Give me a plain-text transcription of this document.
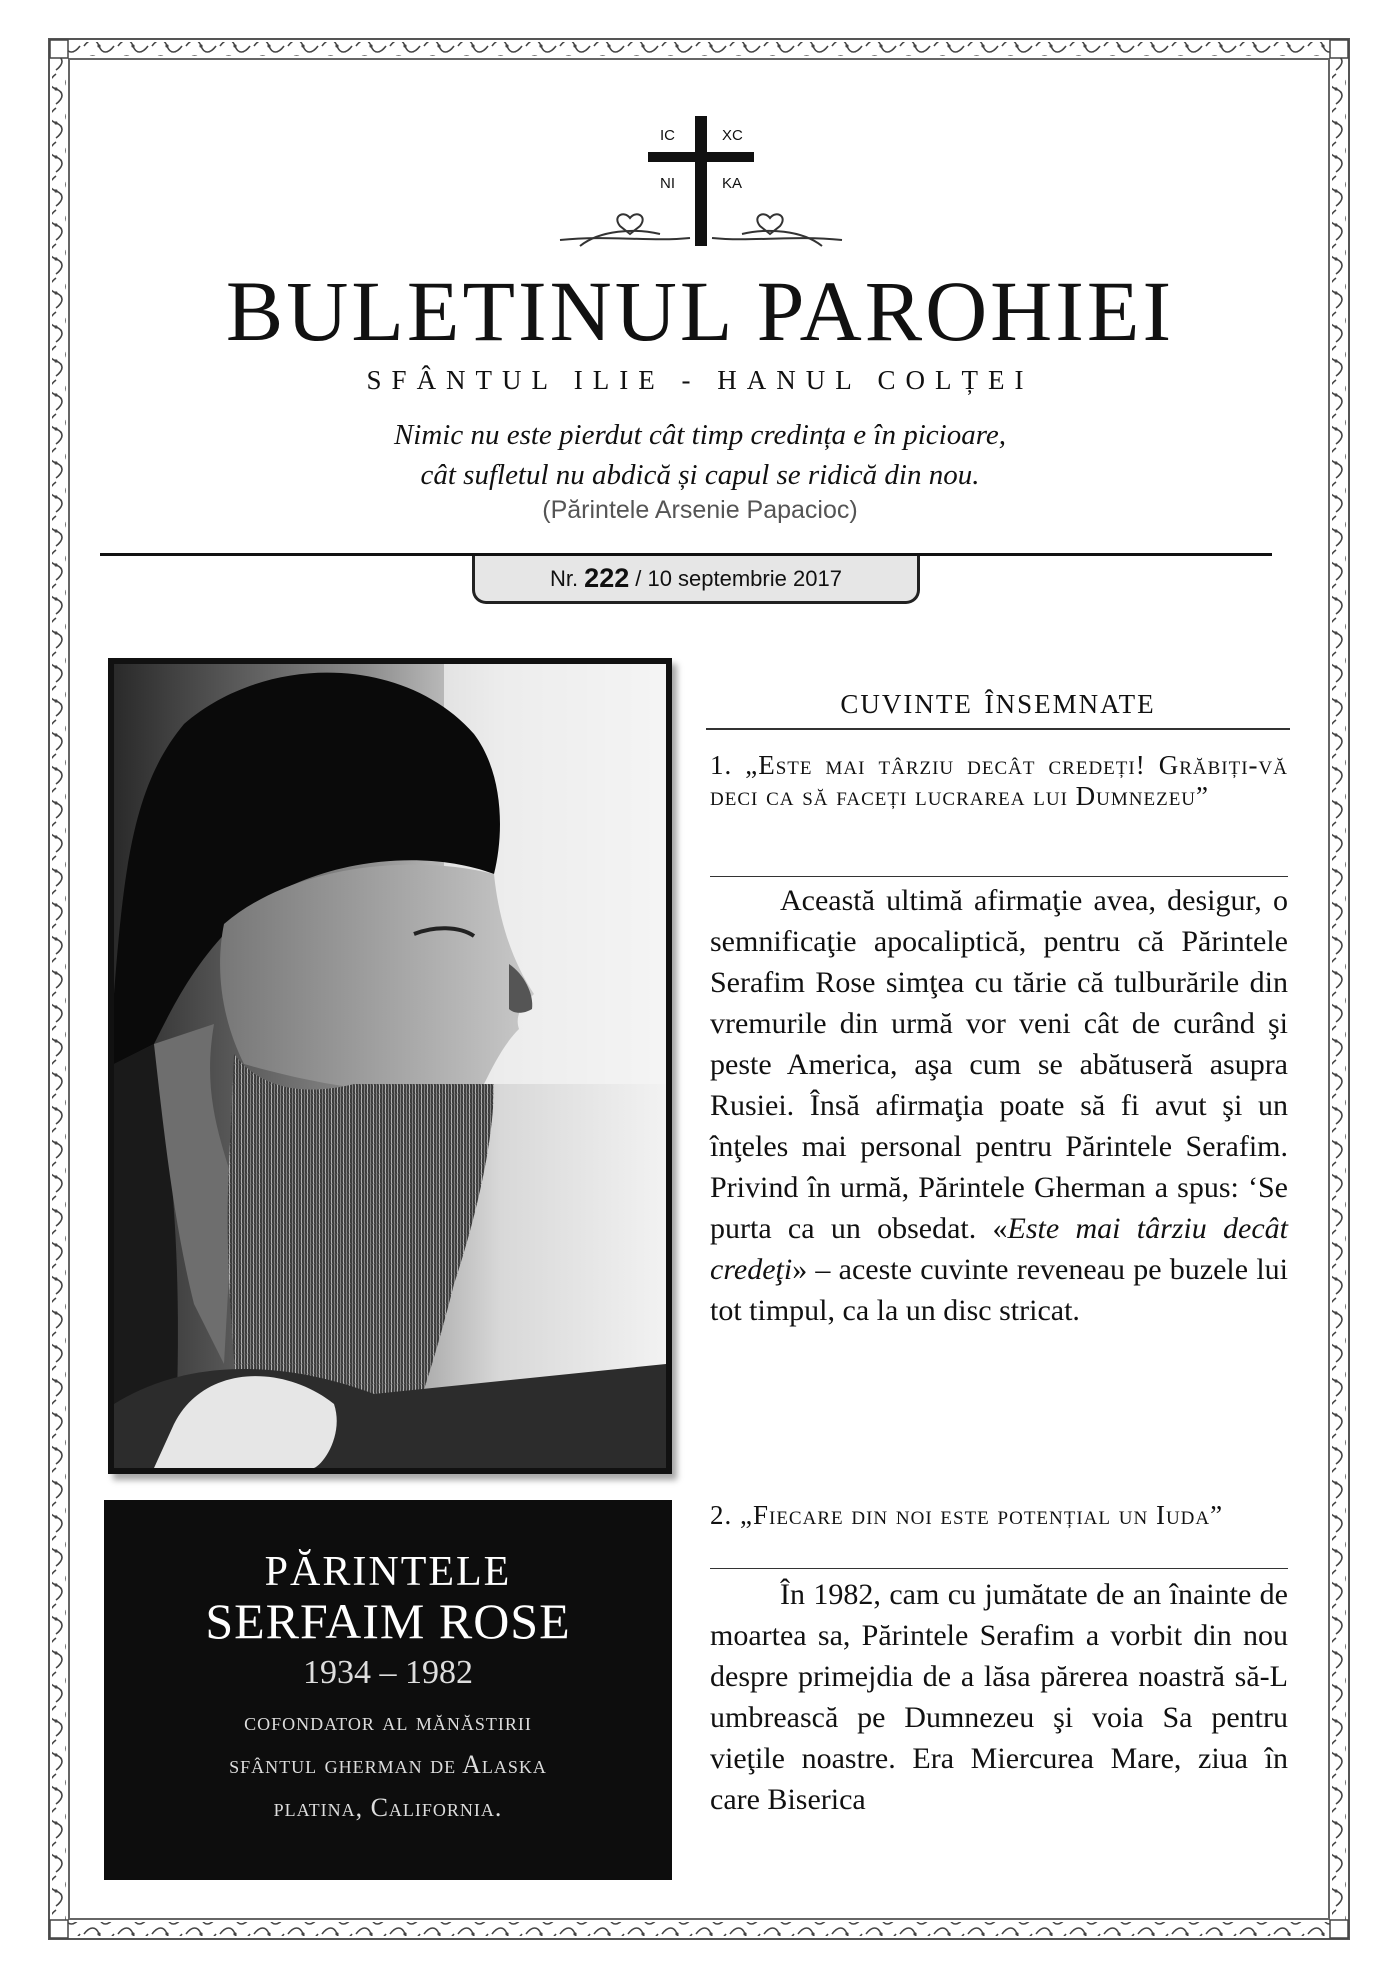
IC	XC
NI	KA
BULETINUL PAROHIEI
SFÂNTUL ILIE - HANUL COLȚEI
Nimic nu este pierdut cât timp credința e în picioare,
cât sufletul nu abdică și capul se ridică din nou.
(Părintele Arsenie Papacioc)
Nr. 222 / 10 septembrie 2017
PĂRINTELE
SERFAIM ROSE
1934 – 1982
cofondator al mănăstirii
sfântul gherman de Alaska
platina, California.
cuvinte însemnate
1. „Este mai târziu decât credeți! Grăbiți-vă deci ca să faceți lucrarea lui Dumnezeu”

Această ultimă afirmaţie avea, desigur, o semnificaţie apocaliptică, pentru că Părintele Serafim Rose simţea cu tărie că tulburările din vremurile din urmă vor veni cât de curând şi peste America, aşa cum se abătuseră asupra Rusiei. Însă afirmaţia poate să fi avut şi un înţeles mai personal pentru Părintele Serafim. Privind în urmă, Părintele Gherman a spus: ‘Se purta ca un obsedat. «Este mai târziu decât credeţi» – aceste cuvinte reveneau pe buzele lui tot timpul, ca la un disc stricat.

2. „Fiecare din noi este potențial un Iuda”

În 1982, cam cu jumătate de an înainte de moartea sa, Părintele Serafim a vorbit din nou despre primejdia de a lăsa părerea noastră să-L umbrească pe Dumnezeu şi voia Sa pentru vieţile noastre. Era Miercurea Mare, ziua în care Biserica
